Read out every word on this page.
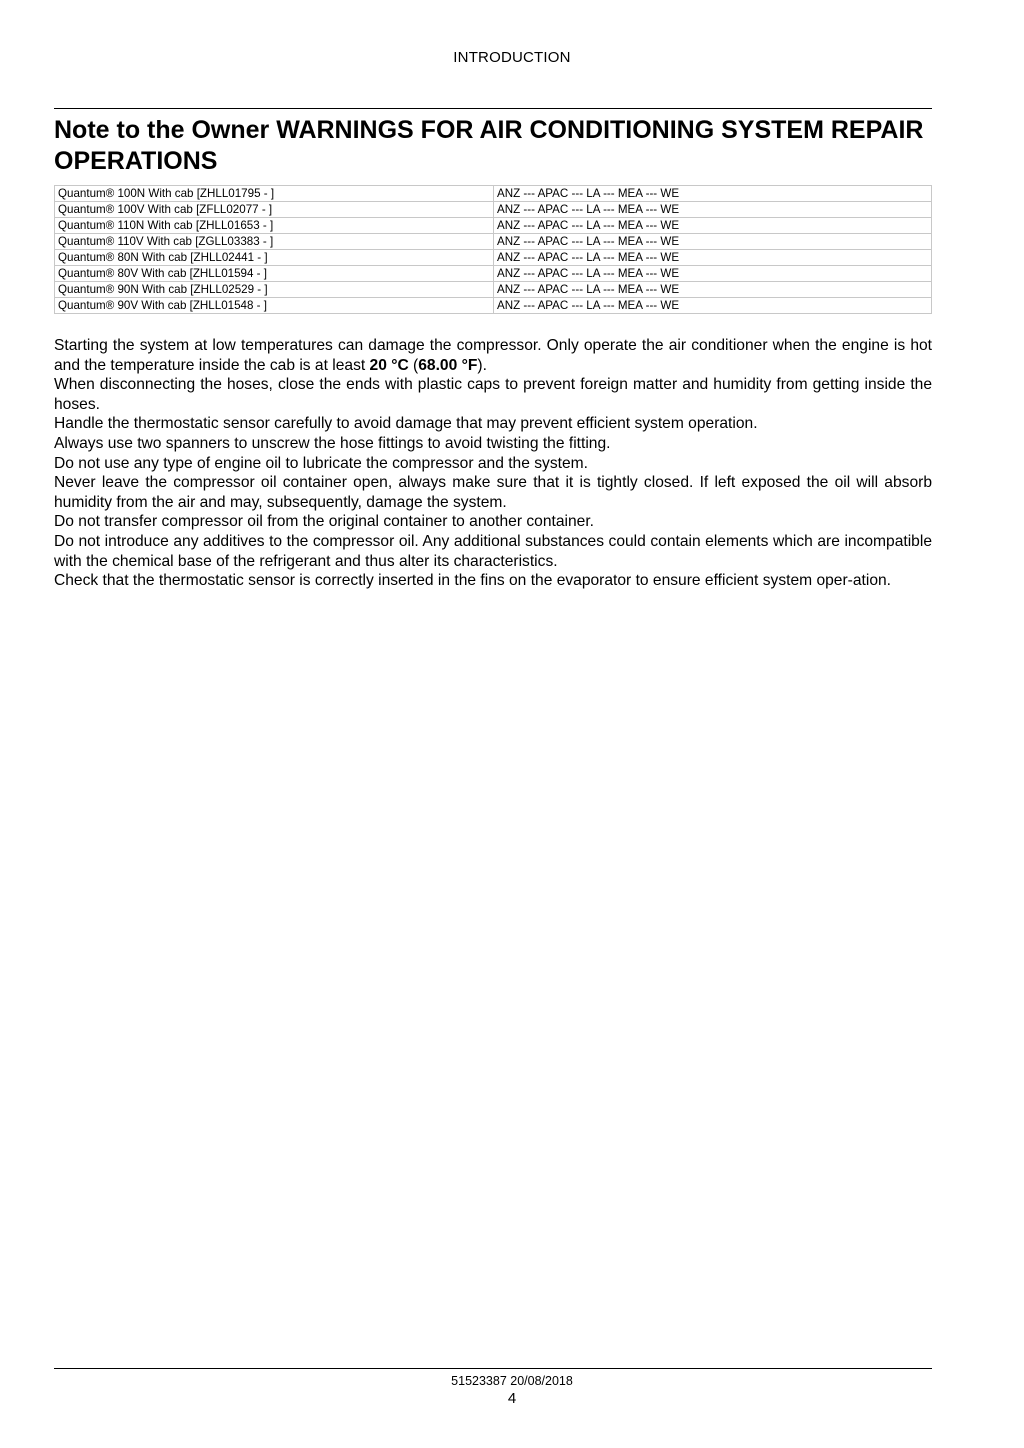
INTRODUCTION
Note to the Owner WARNINGS FOR AIR CONDITIONING SYSTEM REPAIR OPERATIONS
Quantum® 100N With cab [ZHLL01795 - ]	ANZ --- APAC --- LA --- MEA --- WE
Quantum® 100V With cab [ZFLL02077 - ]	ANZ --- APAC --- LA --- MEA --- WE
Quantum® 110N With cab [ZHLL01653 - ]	ANZ --- APAC --- LA --- MEA --- WE
Quantum® 110V With cab [ZGLL03383 - ]	ANZ --- APAC --- LA --- MEA --- WE
Quantum® 80N With cab [ZHLL02441 - ]	ANZ --- APAC --- LA --- MEA --- WE
Quantum® 80V With cab [ZHLL01594 - ]	ANZ --- APAC --- LA --- MEA --- WE
Quantum® 90N With cab [ZHLL02529 - ]	ANZ --- APAC --- LA --- MEA --- WE
Quantum® 90V With cab [ZHLL01548 - ]	ANZ --- APAC --- LA --- MEA --- WE

Starting the system at low temperatures can damage the compressor. Only operate the air conditioner when the engine is hot and the temperature inside the cab is at least 20 °C (68.00 °F).

When disconnecting the hoses, close the ends with plastic caps to prevent foreign matter and humidity from getting inside the hoses.

Handle the thermostatic sensor carefully to avoid damage that may prevent efficient system operation.

Always use two spanners to unscrew the hose fittings to avoid twisting the fitting.

Do not use any type of engine oil to lubricate the compressor and the system.

Never leave the compressor oil container open, always make sure that it is tightly closed. If left exposed the oil will absorb humidity from the air and may, subsequently, damage the system.

Do not transfer compressor oil from the original container to another container.

Do not introduce any additives to the compressor oil. Any additional substances could contain elements which are incompatible with the chemical base of the refrigerant and thus alter its characteristics.

Check that the thermostatic sensor is correctly inserted in the fins on the evaporator to ensure efficient system oper-ation.

51523387 20/08/2018
4
